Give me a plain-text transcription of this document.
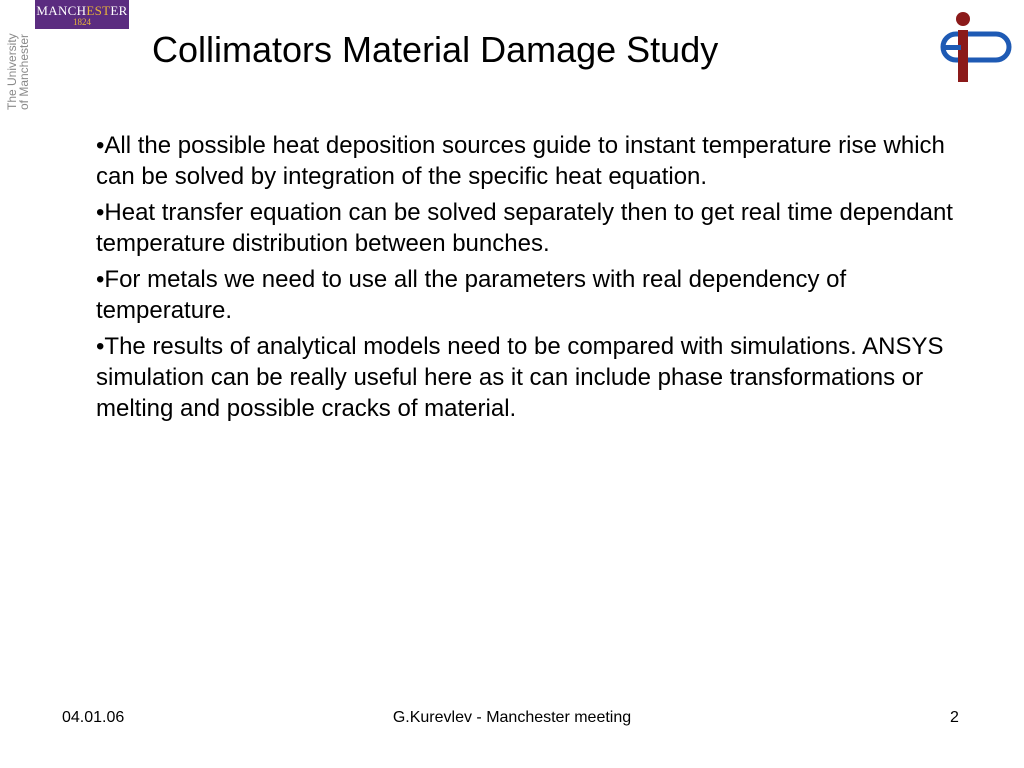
MANCHESTER
1824
The University
of Manchester	Collimators Material Damage Study
•All the possible heat deposition sources guide to instant temperature rise which can be solved by integration of the specific heat equation.
•Heat transfer equation can be solved separately then to get real time dependant temperature distribution between bunches.
•For metals we need to use all the parameters with real dependency of temperature.
•The results of analytical models need to be compared with simulations. ANSYS simulation can be really useful here as it can include phase transformations or melting and possible cracks of material.
04.01.06	G.Kurevlev - Manchester meeting	2
